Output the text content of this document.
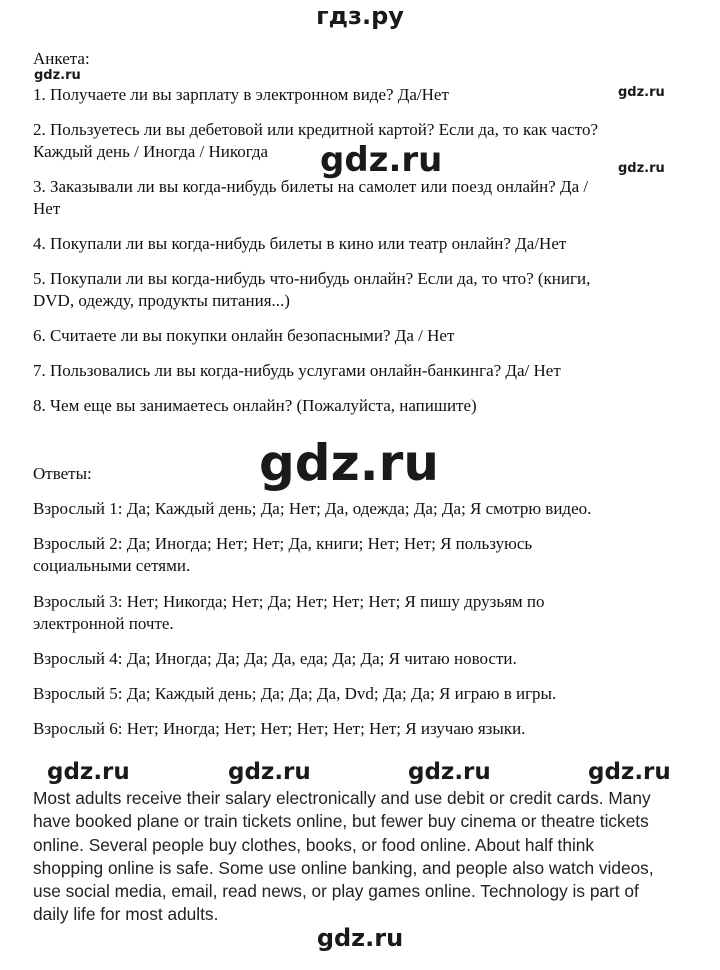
гдз.ру
gdz.ru
gdz.ru
gdz.ru	gdz.ru
gdz.ru
gdz.ru	gdz.ru	gdz.ru	gdz.ru
Анкета:
1. Получаете ли вы зарплату в электронном виде? Да/Нет
2. Пользуетесь ли вы дебетовой или кредитной картой? Если да, то как часто?
Каждый день / Иногда / Никогда
3. Заказывали ли вы когда-нибудь билеты на самолет или поезд онлайн? Да /
Нет
4. Покупали ли вы когда-нибудь билеты в кино или театр онлайн? Да/Нет
5. Покупали ли вы когда-нибудь что-нибудь онлайн? Если да, то что? (книги,
DVD, одежду, продукты питания...)
6. Считаете ли вы покупки онлайн безопасными? Да / Нет
7. Пользовались ли вы когда-нибудь услугами онлайн-банкинга? Да/ Нет
8. Чем еще вы занимаетесь онлайн? (Пожалуйста, напишите)
Ответы:
Взрослый 1: Да; Каждый день; Да; Нет; Да, одежда; Да; Да; Я смотрю видео.
Взрослый 2: Да; Иногда; Нет; Нет; Да, книги; Нет; Нет; Я пользуюсь
социальными сетями.
Взрослый 3: Нет; Никогда; Нет; Да; Нет; Нет; Нет; Я пишу друзьям по
электронной почте.
Взрослый 4: Да; Иногда; Да; Да; Да, еда; Да; Да; Я читаю новости.
Взрослый 5: Да; Каждый день; Да; Да; Да, Dvd; Да; Да; Я играю в игры.
Взрослый 6: Нет; Иногда; Нет; Нет; Нет; Нет; Нет; Я изучаю языки.
Most adults receive their salary electronically and use debit or credit cards. Many
have booked plane or train tickets online, but fewer buy cinema or theatre tickets
online. Several people buy clothes, books, or food online. About half think
shopping online is safe. Some use online banking, and people also watch videos,
use social media, email, read news, or play games online. Technology is part of
daily life for most adults.
gdz.ru
